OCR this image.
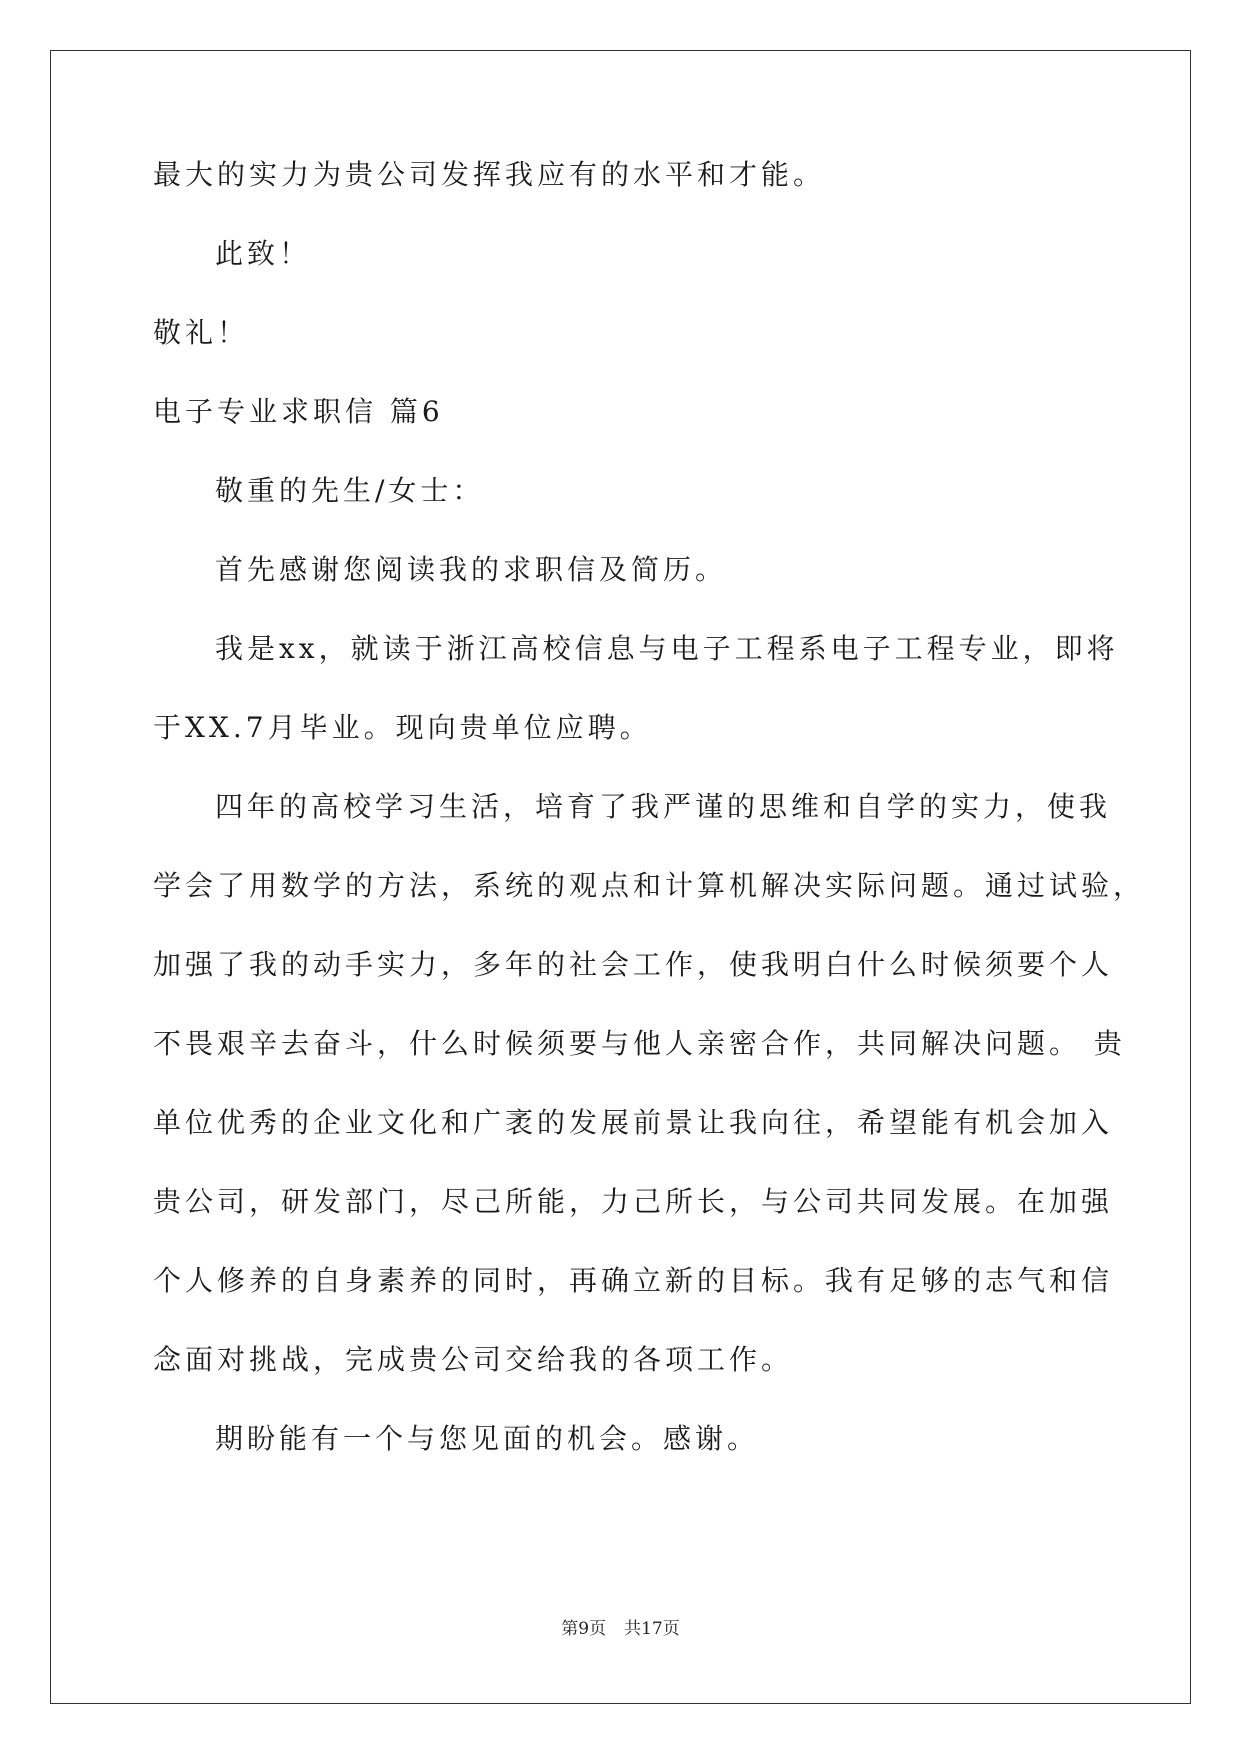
最大的实力为贵公司发挥我应有的水平和才能。
此致！
敬礼！
电子专业求职信 篇6
敬重的先生/女士：
首先感谢您阅读我的求职信及简历。
我是xx，就读于浙江高校信息与电子工程系电子工程专业，即将
于XX.7月毕业。现向贵单位应聘。
四年的高校学习生活，培育了我严谨的思维和自学的实力，使我
学会了用数学的方法，系统的观点和计算机解决实际问题。通过试验，
加强了我的动手实力，多年的社会工作，使我明白什么时候须要个人
不畏艰辛去奋斗，什么时候须要与他人亲密合作，共同解决问题。 贵
单位优秀的企业文化和广袤的发展前景让我向往，希望能有机会加入
贵公司，研发部门，尽己所能，力己所长，与公司共同发展。在加强
个人修养的自身素养的同时，再确立新的目标。我有足够的志气和信
念面对挑战，完成贵公司交给我的各项工作。
期盼能有一个与您见面的机会。感谢。
第9页 共17页
